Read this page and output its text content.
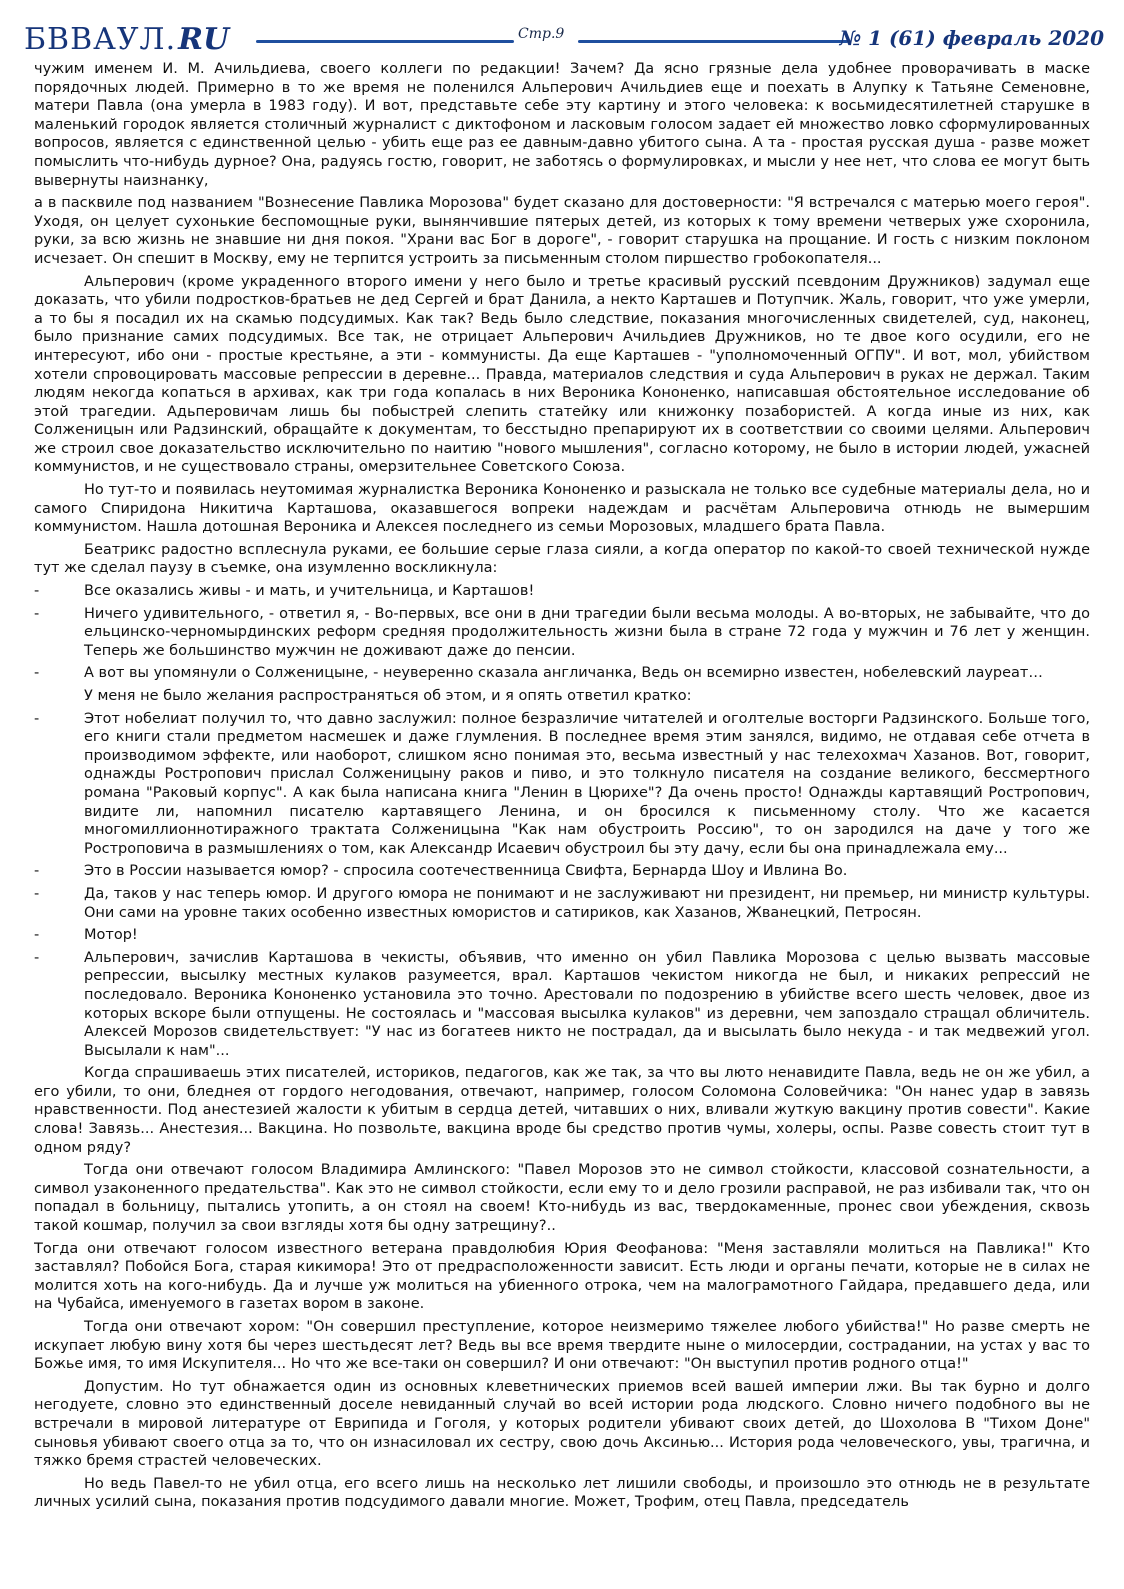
БВВАУЛ.RU	Стр.9	№ 1 (61) февраль 2020

чужим именем И. М. Ачильдиева, своего коллеги по редакции! Зачем? Да ясно грязные дела удобнее проворачивать в маске порядочных людей. Примерно в то же время не поленился Альперович Ачильдиев еще и поехать в Алупку к Татьяне Семеновне, матери Павла (она умерла в 1983 году). И вот, представьте себе эту картину и этого человека: к восьмидесятилетней старушке в маленький городок является столичный журналист с диктофоном и ласковым голосом задает ей множество ловко сформулированных вопросов, является с единственной целью - убить еще раз ее давным-давно убитого сына. А та - простая русская душа - разве может помыслить что-нибудь дурное? Она, радуясь гостю, говорит, не заботясь о формулировках, и мысли у нее нет, что слова ее могут быть вывернуты наизнанку,

а в пасквиле под названием "Вознесение Павлика Морозова" будет сказано для достоверности: "Я встречался с матерью моего героя". Уходя, он целует сухонькие беспомощные руки, вынянчившие пятерых детей, из которых к тому времени четверых уже схоронила, руки, за всю жизнь не знавшие ни дня покоя. "Храни вас Бог в дороге", - говорит старушка на прощание. И гость с низким поклоном исчезает. Он спешит в Москву, ему не терпится устроить за письменным столом пиршество гробокопателя...

Альперович (кроме украденного второго имени у него было и третье красивый русский псевдоним Дружников) задумал еще доказать, что убили подростков-братьев не дед Сергей и брат Данила, а некто Карташев и Потупчик. Жаль, говорит, что уже умерли, а то бы я посадил их на скамью подсудимых. Как так? Ведь было следствие, показания многочисленных свидетелей, суд, наконец, было признание самих подсудимых. Все так, не отрицает Альперович Ачильдиев Дружников, но те двое кого осудили, его не интересуют, ибо они - простые крестьяне, а эти - коммунисты. Да еще Карташев - "уполномоченный ОГПУ". И вот, мол, убийством хотели спровоцировать массовые репрессии в деревне... Правда, материалов следствия и суда Альперович в руках не держал. Таким людям некогда копаться в архивах, как три года копалась в них Вероника Кононенко, написавшая обстоятельное исследование об этой трагедии. Адьперовичам лишь бы побыстрей слепить статейку или книжонку позабористей. А когда иные из них, как Солженицын или Радзинский, обращайте к документам, то бесстыдно препарируют их в соответствии со своими целями. Альперович же строил свое доказательство исключительно по наитию "нового мышления", согласно которому, не было в истории людей, ужасней коммунистов, и не существовало страны, омерзительнее Советского Союза.

Но тут-то и появилась неутомимая журналистка Вероника Кононенко и разыскала не только все судебные материалы дела, но и самого Спиридона Никитича Карташова, оказавшегося вопреки надеждам и расчётам Альперовича отнюдь не вымершим коммунистом. Нашла дотошная Вероника и Алексея последнего из семьи Морозовых, младшего брата Павла.

Беатрикс радостно всплеснула руками, ее большие серые глаза сияли, а когда оператор по какой-то своей технической нужде тут же сделал паузу в съемке, она изумленно воскликнула:

-	Все оказались живы - и мать, и учительница, и Карташов!
-	Ничего удивительного, - ответил я, - Во-первых, все они в дни трагедии были весьма молоды. А во-вторых, не забывайте, что до ельцинско-черномырдинских реформ средняя продолжительность жизни была в стране 72 года у мужчин и 76 лет у женщин. Теперь же большинство мужчин не доживают даже до пенсии.
-	А вот вы упомянули о Солженицыне, - неуверенно сказала англичанка, Ведь он всемирно известен, нобелевский лауреат…

У меня не было желания распространяться об этом, и я опять ответил кратко:

-	Этот нобелиат получил то, что давно заслужил: полное безразличие читателей и оголтелые восторги Радзинского. Больше того, его книги стали предметом насмешек и даже глумления. В последнее время этим занялся, видимо, не отдавая себе отчета в производимом эффекте, или наоборот, слишком ясно понимая это, весьма известный у нас телехохмач Хазанов. Вот, говорит, однажды Ростропович прислал Солженицыну раков и пиво, и это толкнуло писателя на создание великого, бессмертного романа "Раковый корпус". А как была написана книга "Ленин в Цюрихе"? Да очень просто! Однажды картавящий Ростропович, видите ли, напомнил писателю картавящего Ленина, и он бросился к письменному столу. Что же касается многомиллионнотиражного трактата Солженицына "Как нам обустроить Россию", то он зародился на даче у того же Ростроповича в размышлениях о том, как Александр Исаевич обустроил бы эту дачу, если бы она принадлежала ему...
-	Это в России называется юмор? - спросила соотечественница Свифта, Бернарда Шоу и Ивлина Во.
-	Да, таков у нас теперь юмор. И другого юмора не понимают и не заслуживают ни президент, ни премьер, ни министр культуры. Они сами на уровне таких особенно известных юмористов и сатириков, как Хазанов, Жванецкий, Петросян.
-	Мотор!
-	Альперович, зачислив Карташова в чекисты, объявив, что именно он убил Павлика Морозова с целью вызвать массовые репрессии, высылку местных кулаков разумеется, врал. Карташов чекистом никогда не был, и никаких репрессий не последовало. Вероника Кононенко установила это точно. Арестовали по подозрению в убийстве всего шесть человек, двое из которых вскоре были отпущены. Не состоялась и "массовая высылка кулаков" из деревни, чем запоздало стращал обличитель. Алексей Морозов свидетельствует: "У нас из богатеев никто не пострадал, да и высылать было некуда - и так медвежий угол. Высылали к нам"...

Когда спрашиваешь этих писателей, историков, педагогов, как же так, за что вы люто ненавидите Павла, ведь не он же убил, а его убили, то они, бледнея от гордого негодования, отвечают, например, голосом Соломона Соловейчика: "Он нанес удар в завязь нравственности. Под анестезией жалости к убитым в сердца детей, читавших о них, вливали жуткую вакцину против совести". Какие слова! Завязь... Анестезия... Вакцина. Но позвольте, вакцина вроде бы средство против чумы, холеры, оспы. Разве совесть стоит тут в одном ряду?

Тогда они отвечают голосом Владимира Амлинского: "Павел Морозов это не символ стойкости, классовой сознательности, а символ узаконенного предательства". Как это не символ стойкости, если ему то и дело грозили расправой, не раз избивали так, что он попадал в больницу, пытались утопить, а он стоял на своем! Кто-нибудь из вас, твердокаменные, пронес свои убеждения, сквозь такой кошмар, получил за свои взгляды хотя бы одну затрещину?..

Тогда они отвечают голосом известного ветерана правдолюбия Юрия Феофанова: "Меня заставляли молиться на Павлика!" Кто заставлял? Побойся Бога, старая кикимора! Это от предрасположенности зависит. Есть люди и органы печати, которые не в силах не молится хоть на кого-нибудь. Да и лучше уж молиться на убиенного отрока, чем на малограмотного Гайдара, предавшего деда, или на Чубайса, именуемого в газетах вором в законе.

Тогда они отвечают хором: "Он совершил преступление, которое неизмеримо тяжелее любого убийства!" Но разве смерть не искупает любую вину хотя бы через шестьдесят лет? Ведь вы все время твердите ныне о милосердии, сострадании, на устах у вас то Божье имя, то имя Искупителя... Но что же все-таки он совершил? И они отвечают: "Он выступил против родного отца!"

Допустим. Но тут обнажается один из основных клеветнических приемов всей вашей империи лжи. Вы так бурно и долго негодуете, словно это единственный доселе невиданный случай во всей истории рода людского. Словно ничего подобного вы не встречали в мировой литературе от Еврипида и Гоголя, у которых родители убивают своих детей, до Шохолова В "Тихом Доне" сыновья убивают своего отца за то, что он изнасиловал их сестру, свою дочь Аксинью... История рода человеческого, увы, трагична, и тяжко бремя страстей человеческих.

Но ведь Павел-то не убил отца, его всего лишь на несколько лет лишили свободы, и произошло это отнюдь не в результате личных усилий сына, показания против подсудимого давали многие. Может, Трофим, отец Павла, председатель
